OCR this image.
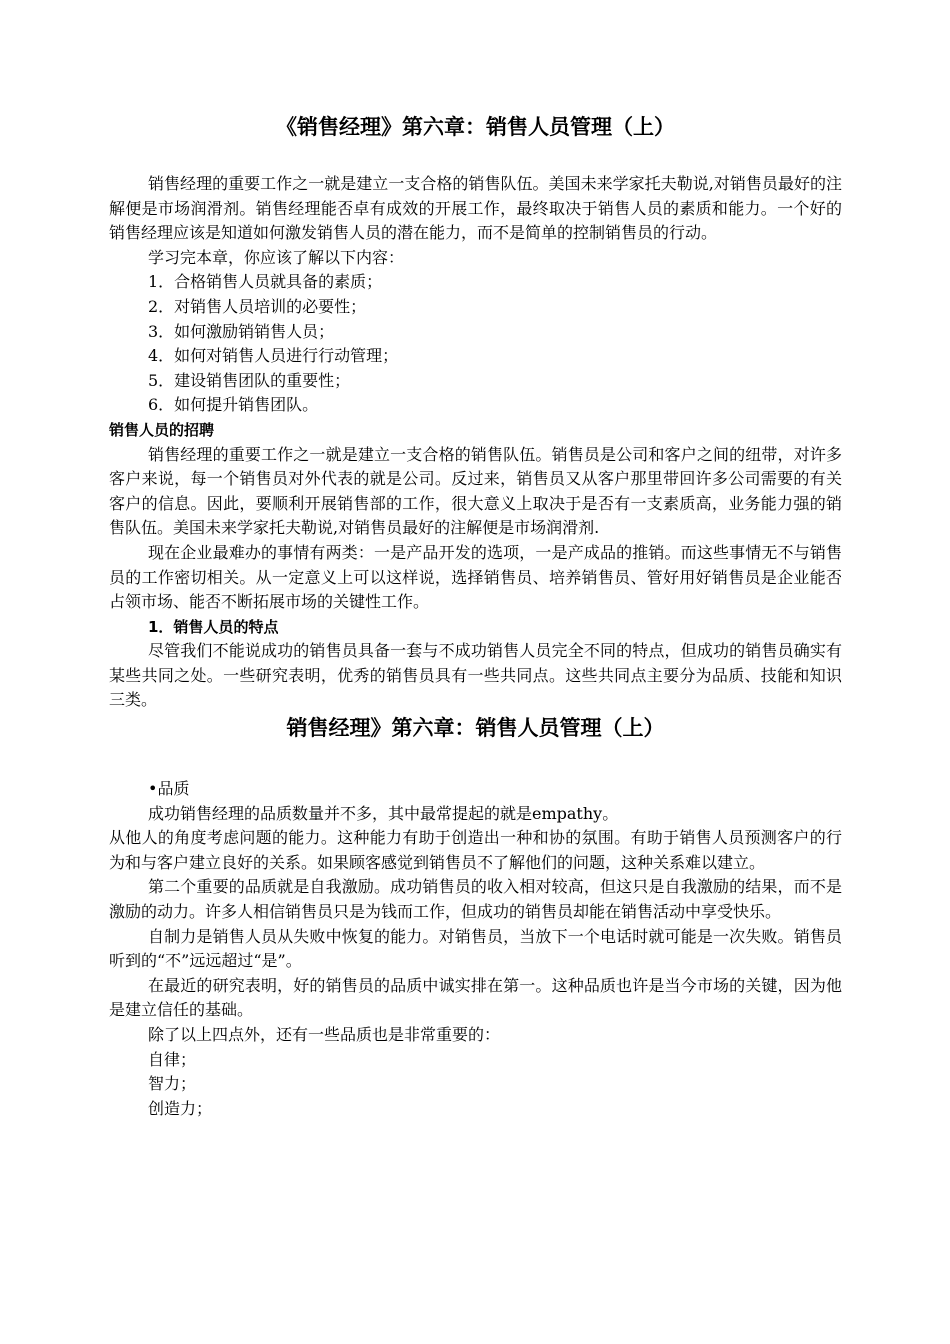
《销售经理》第六章：销售人员管理（上）

销售经理的重要工作之一就是建立一支合格的销售队伍。美国未来学家托夫勒说,对销售员最好的注解便是市场润滑剂。销售经理能否卓有成效的开展工作，最终取决于销售人员的素质和能力。一个好的销售经理应该是知道如何激发销售人员的潜在能力，而不是简单的控制销售员的行动。

学习完本章，你应该了解以下内容：

1．合格销售人员就具备的素质；

2．对销售人员培训的必要性；

3．如何激励销销售人员；

4．如何对销售人员进行行动管理；

5．建设销售团队的重要性；

6．如何提升销售团队。

销售人员的招聘

销售经理的重要工作之一就是建立一支合格的销售队伍。销售员是公司和客户之间的纽带，对许多客户来说，每一个销售员对外代表的就是公司。反过来，销售员又从客户那里带回许多公司需要的有关客户的信息。因此，要顺利开展销售部的工作，很大意义上取决于是否有一支素质高，业务能力强的销售队伍。美国未来学家托夫勒说,对销售员最好的注解便是市场润滑剂.

现在企业最难办的事情有两类：一是产品开发的选项，一是产成品的推销。而这些事情无不与销售员的工作密切相关。从一定意义上可以这样说，选择销售员、培养销售员、管好用好销售员是企业能否占领市场、能否不断拓展市场的关键性工作。

1．销售人员的特点

尽管我们不能说成功的销售员具备一套与不成功销售人员完全不同的特点，但成功的销售员确实有某些共同之处。一些研究表明，优秀的销售员具有一些共同点。这些共同点主要分为品质、技能和知识三类。

销售经理》第六章：销售人员管理（上）

•品质

成功销售经理的品质数量并不多，其中最常提起的就是empathy。

从他人的角度考虑问题的能力。这种能力有助于创造出一种和协的氛围。有助于销售人员预测客户的行为和与客户建立良好的关系。如果顾客感觉到销售员不了解他们的问题，这种关系难以建立。

第二个重要的品质就是自我激励。成功销售员的收入相对较高，但这只是自我激励的结果，而不是激励的动力。许多人相信销售员只是为钱而工作，但成功的销售员却能在销售活动中享受快乐。

自制力是销售人员从失败中恢复的能力。对销售员，当放下一个电话时就可能是一次失败。销售员听到的“不”远远超过“是”。

在最近的研究表明，好的销售员的品质中诚实排在第一。这种品质也许是当今市场的关键，因为他是建立信任的基础。

除了以上四点外，还有一些品质也是非常重要的：

自律；

智力；

创造力；
